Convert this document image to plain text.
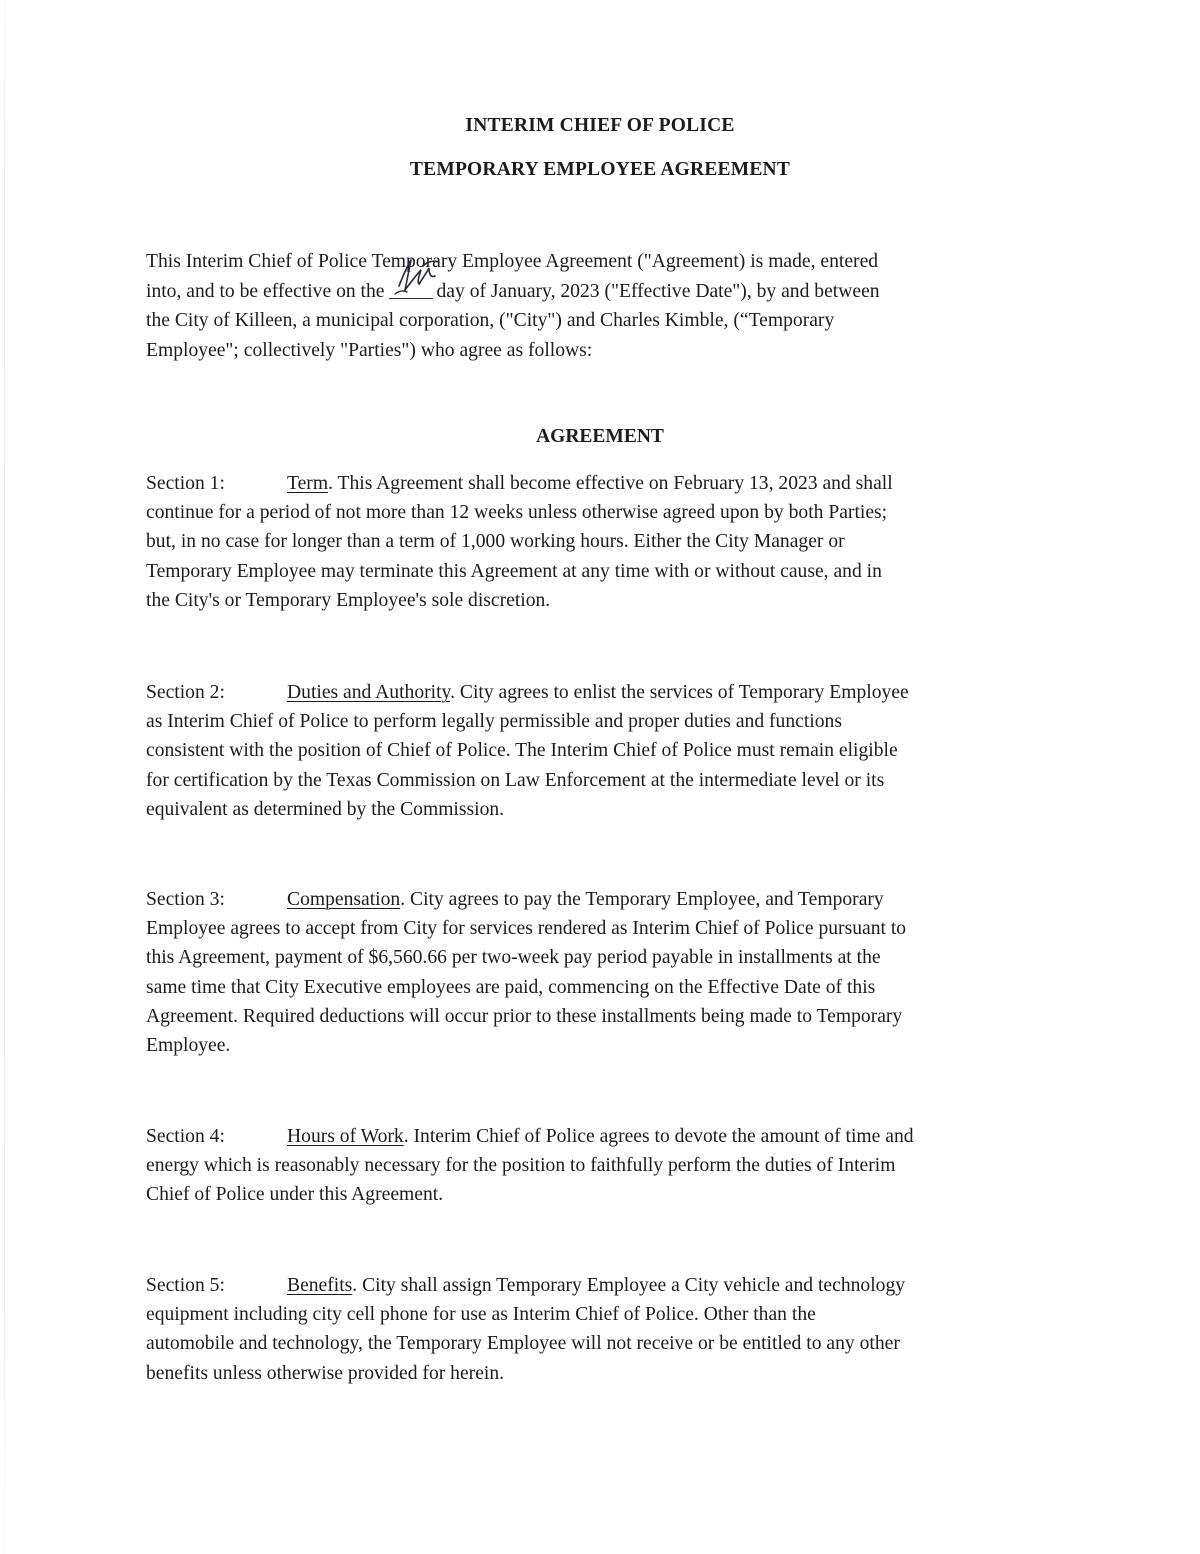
INTERIM CHIEF OF POLICE
TEMPORARY EMPLOYEE AGREEMENT
This Interim Chief of Police Temporary Employee Agreement ("Agreement) is made, entered
into, and to be effective on the	day of January, 2023 ("Effective Date"), by and between
the City of Killeen, a municipal corporation, ("City") and Charles Kimble, (“Temporary
Employee"; collectively "Parties") who agree as follows:
AGREEMENT
Section 1:	Term. This Agreement shall become effective on February 13, 2023 and shall
continue for a period of not more than 12 weeks unless otherwise agreed upon by both Parties;
but, in no case for longer than a term of 1,000 working hours. Either the City Manager or
Temporary Employee may terminate this Agreement at any time with or without cause, and in
the City's or Temporary Employee's sole discretion.
Section 2:	Duties and Authority. City agrees to enlist the services of Temporary Employee
as Interim Chief of Police to perform legally permissible and proper duties and functions
consistent with the position of Chief of Police. The Interim Chief of Police must remain eligible
for certification by the Texas Commission on Law Enforcement at the intermediate level or its
equivalent as determined by the Commission.
Section 3:	Compensation. City agrees to pay the Temporary Employee, and Temporary
Employee agrees to accept from City for services rendered as Interim Chief of Police pursuant to
this Agreement, payment of $6,560.66 per two-week pay period payable in installments at the
same time that City Executive employees are paid, commencing on the Effective Date of this
Agreement. Required deductions will occur prior to these installments being made to Temporary
Employee.
Section 4:	Hours of Work. Interim Chief of Police agrees to devote the amount of time and
energy which is reasonably necessary for the position to faithfully perform the duties of Interim
Chief of Police under this Agreement.
Section 5:	Benefits. City shall assign Temporary Employee a City vehicle and technology
equipment including city cell phone for use as Interim Chief of Police. Other than the
automobile and technology, the Temporary Employee will not receive or be entitled to any other
benefits unless otherwise provided for herein.
